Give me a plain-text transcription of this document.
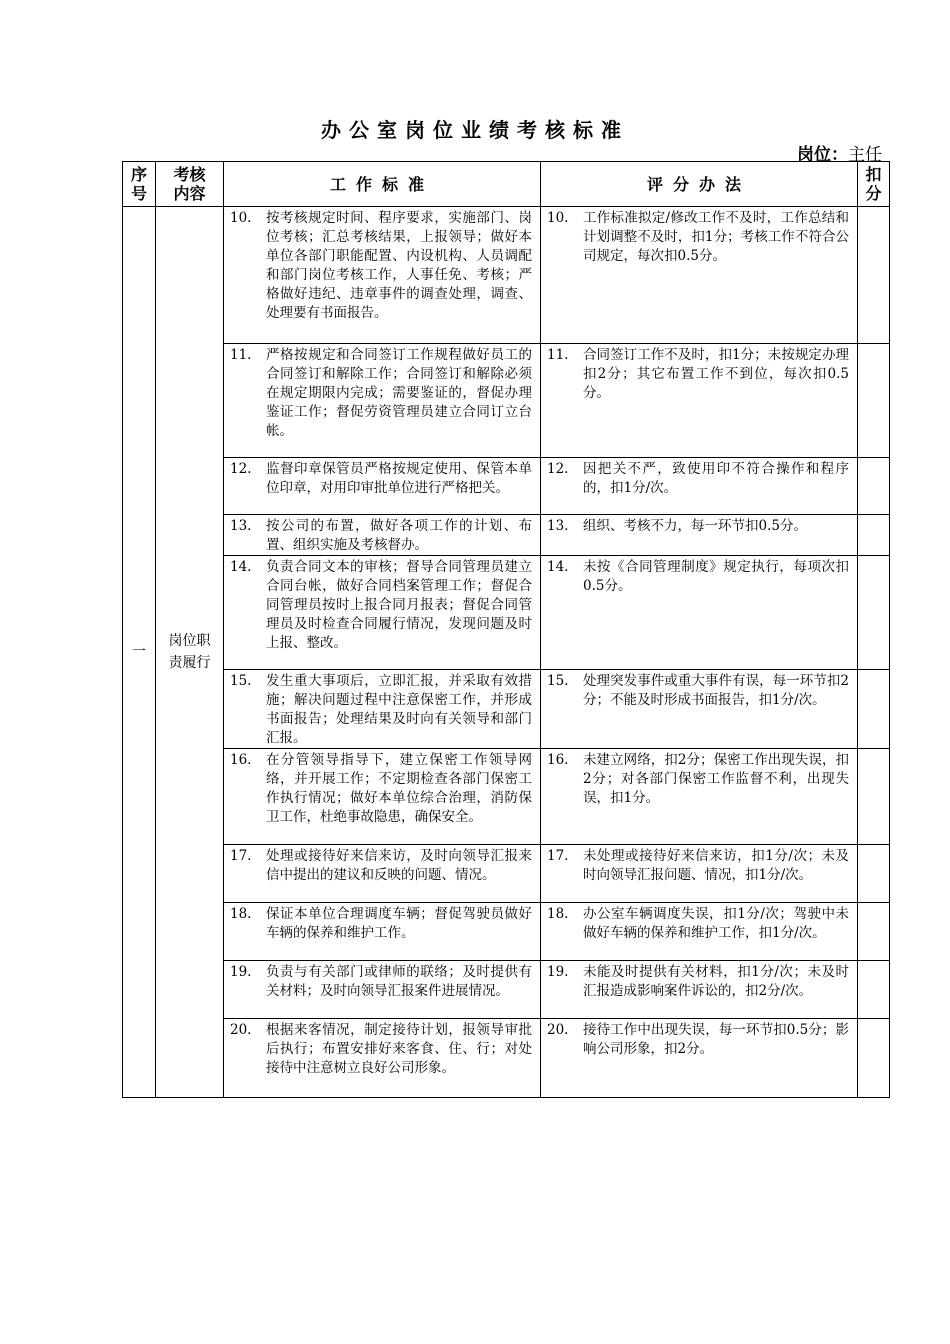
办公室岗位业绩考核标准
岗位：主任
序号	考核内容	工作标准	评分办法	扣分
一	岗位职责履行	10. 按考核规定时间、程序要求，实施部门、岗位考核；汇总考核结果，上报领导；做好本单位各部门职能配置、内设机构、人员调配和部门岗位考核工作，人事任免、考核；严格做好违纪、违章事件的调查处理，调查、处理要有书面报告。	10. 工作标准拟定/修改工作不及时，工作总结和计划调整不及时，扣1分；考核工作不符合公司规定，每次扣0.5分。	

		11. 严格按规定和合同签订工作规程做好员工的合同签订和解除工作；合同签订和解除必须在规定期限内完成；需要鉴证的，督促办理鉴证工作；督促劳资管理员建立合同订立台帐。	11. 合同签订工作不及时，扣1分；未按规定办理扣2分；其它布置工作不到位，每次扣0.5分。	

		12. 监督印章保管员严格按规定使用、保管本单位印章，对用印审批单位进行严格把关。	12. 因把关不严，致使用印不符合操作和程序的，扣1分/次。	

		13. 按公司的布置，做好各项工作的计划、布置、组织实施及考核督办。	13. 组织、考核不力，每一环节扣0.5分。	

		14. 负责合同文本的审核；督导合同管理员建立合同台帐，做好合同档案管理工作；督促合同管理员按时上报合同月报表；督促合同管理员及时检查合同履行情况，发现问题及时上报、整改。	14. 未按《合同管理制度》规定执行，每项次扣0.5分。	

		15. 发生重大事项后，立即汇报，并采取有效措施；解决问题过程中注意保密工作，并形成书面报告；处理结果及时向有关领导和部门汇报。	15. 处理突发事件或重大事件有误，每一环节扣2分；不能及时形成书面报告，扣1分/次。	

		16. 在分管领导指导下，建立保密工作领导网络，并开展工作；不定期检查各部门保密工作执行情况；做好本单位综合治理，消防保卫工作，杜绝事故隐患，确保安全。	16. 未建立网络，扣2分；保密工作出现失误，扣2分；对各部门保密工作监督不利，出现失误，扣1分。	

		17. 处理或接待好来信来访，及时向领导汇报来信中提出的建议和反映的问题、情况。	17. 未处理或接待好来信来访，扣1分/次；未及时向领导汇报问题、情况，扣1分/次。	

		18. 保证本单位合理调度车辆；督促驾驶员做好车辆的保养和维护工作。	18. 办公室车辆调度失误，扣1分/次；驾驶中未做好车辆的保养和维护工作，扣1分/次。	

		19. 负责与有关部门或律师的联络；及时提供有关材料；及时向领导汇报案件进展情况。	19. 未能及时提供有关材料，扣1分/次；未及时汇报造成影响案件诉讼的，扣2分/次。	

		20. 根据来客情况，制定接待计划，报领导审批后执行；布置安排好来客食、住、行；对处接待中注意树立良好公司形象。	20. 接待工作中出现失误，每一环节扣0.5分；影响公司形象，扣2分。	
